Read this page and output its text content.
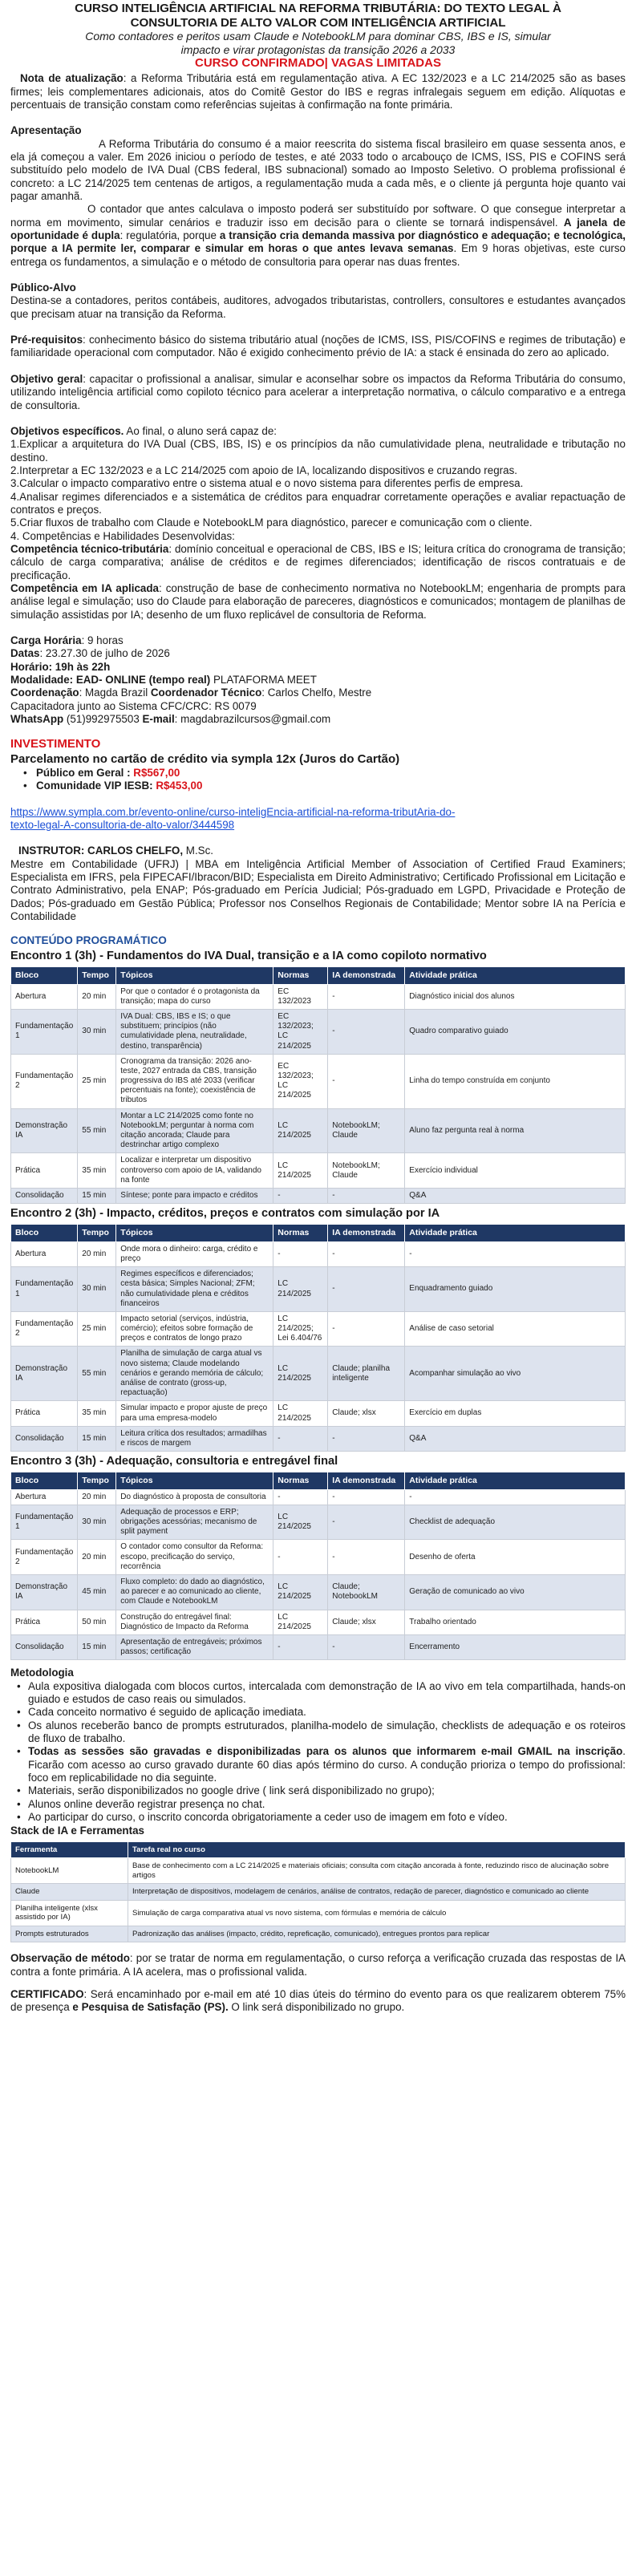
CURSO INTELIGÊNCIA ARTIFICIAL NA REFORMA TRIBUTÁRIA: DO TEXTO LEGAL À
CONSULTORIA DE ALTO VALOR COM INTELIGÊNCIA ARTIFICIAL
Como contadores e peritos usam Claude e NotebookLM para dominar CBS, IBS e IS, simular
impacto e virar protagonistas da transição 2026 a 2033
CURSO CONFIRMADO| VAGAS LIMITADAS

Nota de atualização: a Reforma Tributária está em regulamentação ativa. A EC 132/2023 e a LC 214/2025 são as bases firmes; leis complementares adicionais, atos do Comitê Gestor do IBS e regras infralegais seguem em edição. Alíquotas e percentuais de transição constam como referências sujeitas à confirmação na fonte primária.

Apresentação

A Reforma Tributária do consumo é a maior reescrita do sistema fiscal brasileiro em quase sessenta anos, e ela já começou a valer. Em 2026 iniciou o período de testes, e até 2033 todo o arcabouço de ICMS, ISS, PIS e COFINS será substituído pelo modelo de IVA Dual (CBS federal, IBS subnacional) somado ao Imposto Seletivo. O problema profissional é concreto: a LC 214/2025 tem centenas de artigos, a regulamentação muda a cada mês, e o cliente já pergunta hoje quanto vai pagar amanhã.

O contador que antes calculava o imposto poderá ser substituído por software. O que consegue interpretar a norma em movimento, simular cenários e traduzir isso em decisão para o cliente se tornará indispensável. A janela de oportunidade é dupla: regulatória, porque a transição cria demanda massiva por diagnóstico e adequação; e tecnológica, porque a IA permite ler, comparar e simular em horas o que antes levava semanas. Em 9 horas objetivas, este curso entrega os fundamentos, a simulação e o método de consultoria para operar nas duas frentes.

Público-Alvo

Destina-se a contadores, peritos contábeis, auditores, advogados tributaristas, controllers, consultores e estudantes avançados que precisam atuar na transição da Reforma.

Pré-requisitos: conhecimento básico do sistema tributário atual (noções de ICMS, ISS, PIS/COFINS e regimes de tributação) e familiaridade operacional com computador. Não é exigido conhecimento prévio de IA: a stack é ensinada do zero ao aplicado.

Objetivo geral: capacitar o profissional a analisar, simular e aconselhar sobre os impactos da Reforma Tributária do consumo, utilizando inteligência artificial como copiloto técnico para acelerar a interpretação normativa, o cálculo comparativo e a entrega de consultoria.

Objetivos específicos. Ao final, o aluno será capaz de:

1.Explicar a arquitetura do IVA Dual (CBS, IBS, IS) e os princípios da não cumulatividade plena, neutralidade e tributação no destino.

2.Interpretar a EC 132/2023 e a LC 214/2025 com apoio de IA, localizando dispositivos e cruzando regras.

3.Calcular o impacto comparativo entre o sistema atual e o novo sistema para diferentes perfis de empresa.

4.Analisar regimes diferenciados e a sistemática de créditos para enquadrar corretamente operações e avaliar repactuação de contratos e preços.

5.Criar fluxos de trabalho com Claude e NotebookLM para diagnóstico, parecer e comunicação com o cliente.

4. Competências e Habilidades Desenvolvidas:

Competência técnico-tributária: domínio conceitual e operacional de CBS, IBS e IS; leitura crítica do cronograma de transição; cálculo de carga comparativa; análise de créditos e de regimes diferenciados; identificação de riscos contratuais e de precificação.

Competência em IA aplicada: construção de base de conhecimento normativa no NotebookLM; engenharia de prompts para análise legal e simulação; uso do Claude para elaboração de pareceres, diagnósticos e comunicados; montagem de planilhas de simulação assistidas por IA; desenho de um fluxo replicável de consultoria de Reforma.

Carga Horária: 9 horas
Datas: 23.27.30 de julho de 2026
Horário: 19h às 22h
Modalidade: EAD- ONLINE (tempo real) PLATAFORMA MEET
Coordenação: Magda Brazil Coordenador Técnico: Carlos Chelfo, Mestre
Capacitadora junto ao Sistema CFC/CRC: RS 0079
WhatsApp (51)992975503 E-mail: magdabrazilcursos@gmail.com
INVESTIMENTO
Parcelamento no cartão de crédito via sympla 12x (Juros do Cartão)
• Público em Geral : R$567,00
• Comunidade VIP IESB: R$453,00
https://www.sympla.com.br/evento-online/curso-inteligEncia-artificial-na-reforma-tributAria-do-
texto-legal-A-consultoria-de-alto-valor/3444598
INSTRUTOR: CARLOS CHELFO, M.Sc.

Mestre em Contabilidade (UFRJ) | MBA em Inteligência Artificial Member of Association of Certified Fraud Examiners; Especialista em IFRS, pela FIPECAFI/Ibracon/BID; Especialista em Direito Administrativo; Certificado Profissional em Licitação e Contrato Administrativo, pela ENAP; Pós-graduado em Perícia Judicial; Pós-graduado em LGPD, Privacidade e Proteção de Dados; Pós-graduado em Gestão Pública; Professor nos Conselhos Regionais de Contabilidade; Mentor sobre IA na Perícia e Contabilidade

CONTEÚDO PROGRAMÁTICO
Encontro 1 (3h) - Fundamentos do IVA Dual, transição e a IA como copiloto normativo
Bloco	Tempo	Tópicos	Normas	IA demonstrada	Atividade prática
Abertura	20 min	Por que o contador é o protagonista da transição; mapa do curso	EC 132/2023	-	Diagnóstico inicial dos alunos
Fundamentação 1	30 min	IVA Dual: CBS, IBS e IS; o que substituem; princípios (não cumulatividade plena, neutralidade, destino, transparência)	EC 132/2023; LC 214/2025	-	Quadro comparativo guiado
Fundamentação 2	25 min	Cronograma da transição: 2026 ano-teste, 2027 entrada da CBS, transição progressiva do IBS até 2033 (verificar percentuais na fonte); coexistência de tributos	EC 132/2023; LC 214/2025	-	Linha do tempo construída em conjunto
Demonstração IA	55 min	Montar a LC 214/2025 como fonte no NotebookLM; perguntar à norma com citação ancorada; Claude para destrinchar artigo complexo	LC 214/2025	NotebookLM; Claude	Aluno faz pergunta real à norma
Prática	35 min	Localizar e interpretar um dispositivo controverso com apoio de IA, validando na fonte	LC 214/2025	NotebookLM; Claude	Exercício individual
Consolidação	15 min	Síntese; ponte para impacto e créditos	-	-	Q&A
Encontro 2 (3h) - Impacto, créditos, preços e contratos com simulação por IA
Bloco	Tempo	Tópicos	Normas	IA demonstrada	Atividade prática
Abertura	20 min	Onde mora o dinheiro: carga, crédito e preço	-	-	-
Fundamentação 1	30 min	Regimes específicos e diferenciados; cesta básica; Simples Nacional; ZFM; não cumulatividade plena e créditos financeiros	LC 214/2025	-	Enquadramento guiado
Fundamentação 2	25 min	Impacto setorial (serviços, indústria, comércio); efeitos sobre formação de preços e contratos de longo prazo	LC 214/2025; Lei 6.404/76	-	Análise de caso setorial
Demonstração IA	55 min	Planilha de simulação de carga atual vs novo sistema; Claude modelando cenários e gerando memória de cálculo; análise de contrato (gross-up, repactuação)	LC 214/2025	Claude; planilha inteligente	Acompanhar simulação ao vivo
Prática	35 min	Simular impacto e propor ajuste de preço para uma empresa-modelo	LC 214/2025	Claude; xlsx	Exercício em duplas
Consolidação	15 min	Leitura crítica dos resultados; armadilhas e riscos de margem	-	-	Q&A
Encontro 3 (3h) - Adequação, consultoria e entregável final
Bloco	Tempo	Tópicos	Normas	IA demonstrada	Atividade prática
Abertura	20 min	Do diagnóstico à proposta de consultoria	-	-	-
Fundamentação 1	30 min	Adequação de processos e ERP; obrigações acessórias; mecanismo de split payment	LC 214/2025	-	Checklist de adequação
Fundamentação 2	20 min	O contador como consultor da Reforma: escopo, precificação do serviço, recorrência	-	-	Desenho de oferta
Demonstração IA	45 min	Fluxo completo: do dado ao diagnóstico, ao parecer e ao comunicado ao cliente, com Claude e NotebookLM	LC 214/2025	Claude; NotebookLM	Geração de comunicado ao vivo
Prática	50 min	Construção do entregável final: Diagnóstico de Impacto da Reforma	LC 214/2025	Claude; xlsx	Trabalho orientado
Consolidação	15 min	Apresentação de entregáveis; próximos passos; certificação	-	-	Encerramento
Metodologia
• Aula expositiva dialogada com blocos curtos, intercalada com demonstração de IA ao vivo em tela compartilhada, hands-on guiado e estudos de caso reais ou simulados.
• Cada conceito normativo é seguido de aplicação imediata.
• Os alunos receberão banco de prompts estruturados, planilha-modelo de simulação, checklists de adequação e os roteiros de fluxo de trabalho.
• Todas as sessões são gravadas e disponibilizadas para os alunos que informarem e-mail GMAIL na inscrição. Ficarão com acesso ao curso gravado durante 60 dias após término do curso. A condução prioriza o tempo do profissional: foco em replicabilidade no dia seguinte.
• Materiais, serão disponibilizados no google drive ( link será disponibilizado no grupo);
• Alunos online deverão registrar presença no chat.
• Ao participar do curso, o inscrito concorda obrigatoriamente a ceder uso de imagem em foto e vídeo.
Stack de IA e Ferramentas
Ferramenta	Tarefa real no curso
NotebookLM	Base de conhecimento com a LC 214/2025 e materiais oficiais; consulta com citação ancorada à fonte, reduzindo risco de alucinação sobre artigos
Claude	Interpretação de dispositivos, modelagem de cenários, análise de contratos, redação de parecer, diagnóstico e comunicado ao cliente
Planilha inteligente (xlsx assistido por IA)	Simulação de carga comparativa atual vs novo sistema, com fórmulas e memória de cálculo
Prompts estruturados	Padronização das análises (impacto, crédito, repreficação, comunicado), entregues prontos para replicar

Observação de método: por se tratar de norma em regulamentação, o curso reforça a verificação cruzada das respostas de IA contra a fonte primária. A IA acelera, mas o profissional valida.

CERTIFICADO: Será encaminhado por e-mail em até 10 dias úteis do término do evento para os que realizarem obterem 75% de presença e Pesquisa de Satisfação (PS). O link será disponibilizado no grupo.
